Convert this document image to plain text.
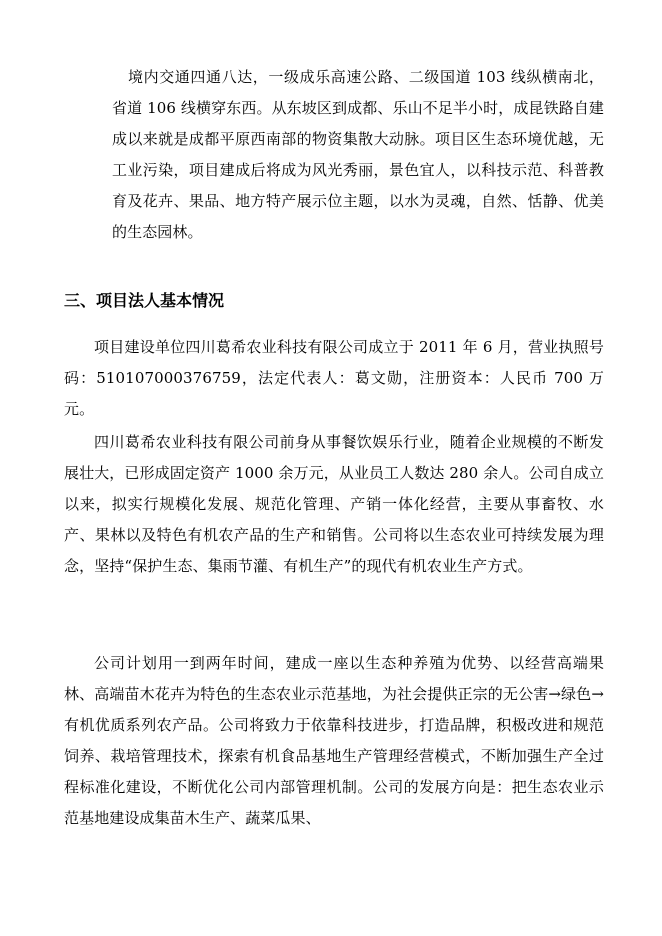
境内交通四通八达，一级成乐高速公路、二级国道 103 线纵横南北，省道 106 线横穿东西。从东坡区到成都、乐山不足半小时，成昆铁路自建成以来就是成都平原西南部的物资集散大动脉。项目区生态环境优越，无工业污染，项目建成后将成为风光秀丽，景色宜人，以科技示范、科普教育及花卉、果品、地方特产展示位主题，以水为灵魂，自然、恬静、优美的生态园林。

三、项目法人基本情况

项目建设单位四川葛希农业科技有限公司成立于 2011 年 6 月，营业执照号码：510107000376759，法定代表人：葛文勋，注册资本：人民币 700 万元。

四川葛希农业科技有限公司前身从事餐饮娱乐行业，随着企业规模的不断发展壮大，已形成固定资产 1000 余万元，从业员工人数达 280 余人。公司自成立以来，拟实行规模化发展、规范化管理、产销一体化经营，主要从事畜牧、水产、果林以及特色有机农产品的生产和销售。公司将以生态农业可持续发展为理念，坚持“保护生态、集雨节灌、有机生产”的现代有机农业生产方式。

公司计划用一到两年时间，建成一座以生态种养殖为优势、以经营高端果林、高端苗木花卉为特色的生态农业示范基地，为社会提供正宗的无公害→绿色→有机优质系列农产品。公司将致力于依靠科技进步，打造品牌，积极改进和规范饲养、栽培管理技术，探索有机食品基地生产管理经营模式，不断加强生产全过程标准化建设，不断优化公司内部管理机制。公司的发展方向是：把生态农业示范基地建设成集苗木生产、蔬菜瓜果、
